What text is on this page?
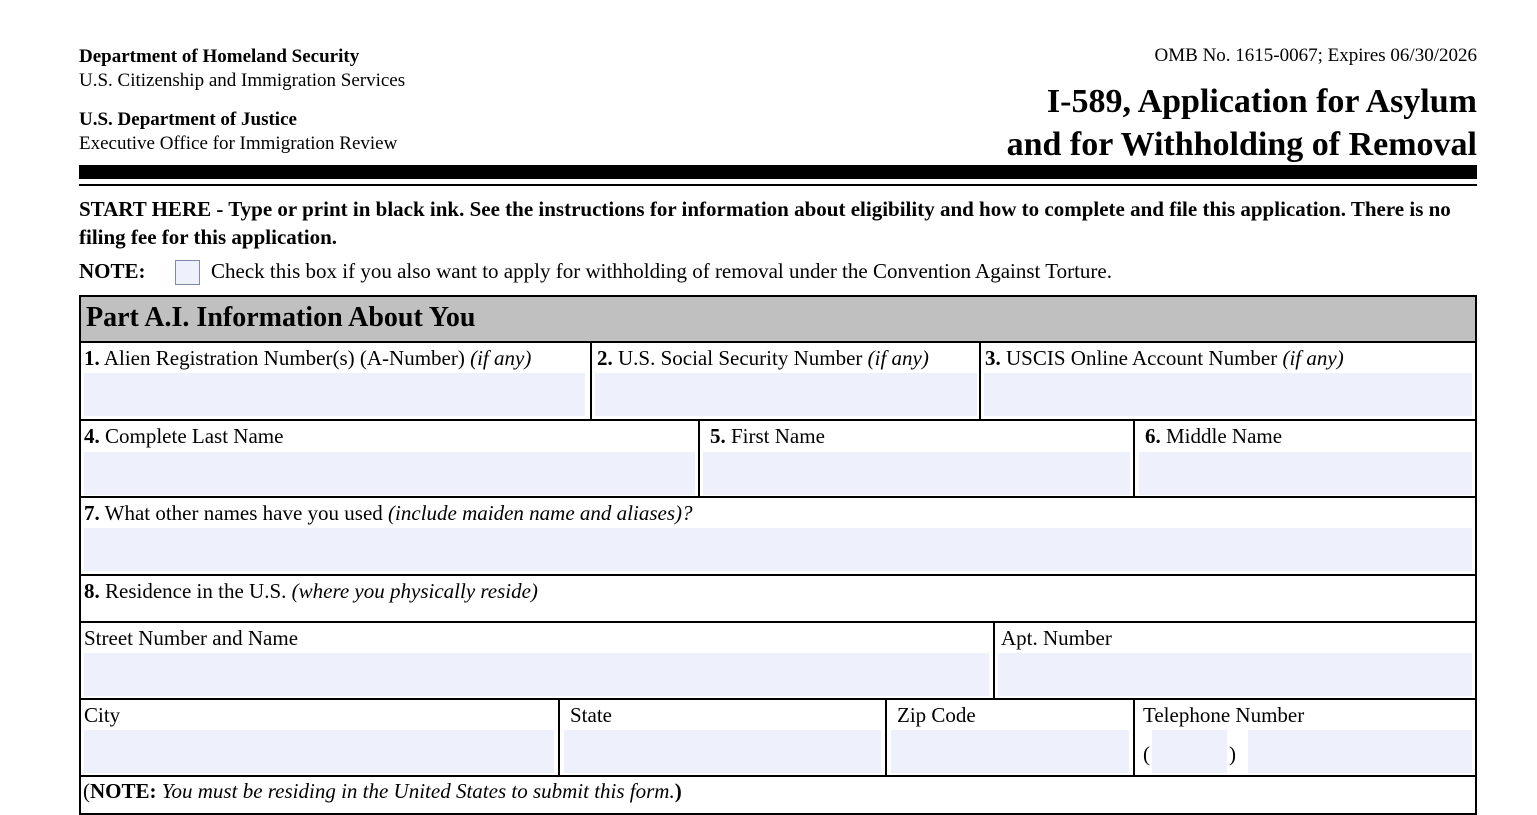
Department of Homeland Security
U.S. Citizenship and Immigration Services
U.S. Department of Justice
Executive Office for Immigration Review
OMB No. 1615-0067; Expires 06/30/2026
I-589, Application for Asylum
and for Withholding of Removal
START HERE - Type or print in black ink. See the instructions for information about eligibility and how to complete and file this application. There is no filing fee for this application.
NOTE:	Check this box if you also want to apply for withholding of removal under the Convention Against Torture.
Part A.I. Information About You
1. Alien Registration Number(s) (A-Number) (if any)	2. U.S. Social Security Number (if any)	3. USCIS Online Account Number (if any)
4. Complete Last Name	5. First Name	6. Middle Name
7. What other names have you used (include maiden name and aliases)?
8. Residence in the U.S. (where you physically reside)
Street Number and Name	Apt. Number
City	State	Zip Code	Telephone Number
(	)
(NOTE: You must be residing in the United States to submit this form.)
